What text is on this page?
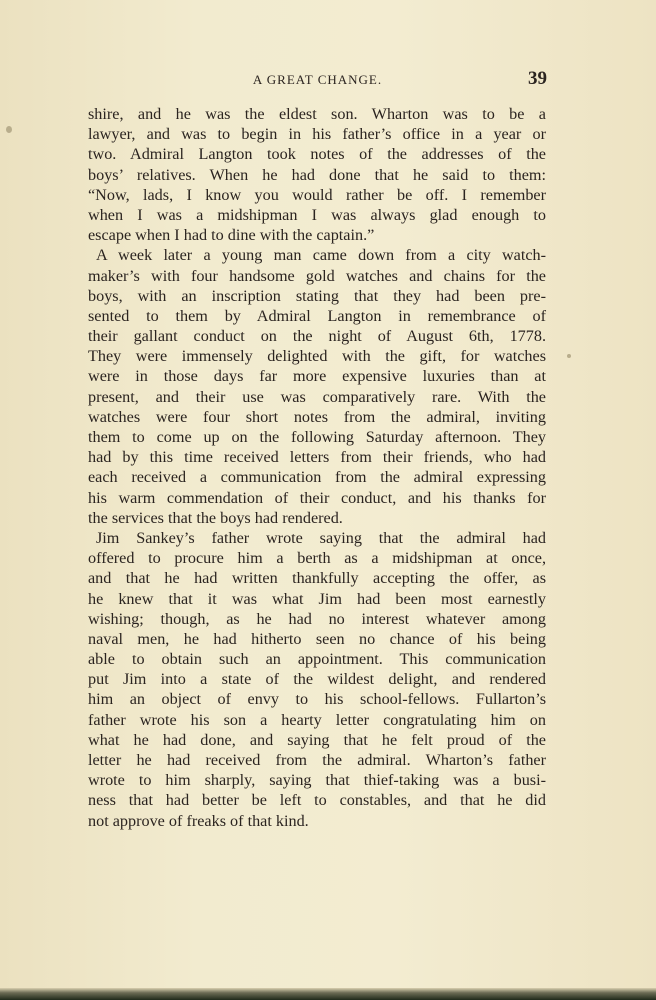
A GREAT CHANGE.	39
shire, and he was the eldest son. Wharton was to be a
lawyer, and was to begin in his father’s office in a year or
two. Admiral Langton took notes of the addresses of the
boys’ relatives. When he had done that he said to them:
“Now, lads, I know you would rather be off. I remember
when I was a midshipman I was always glad enough to
escape when I had to dine with the captain.”
A week later a young man came down from a city watch-
maker’s with four handsome gold watches and chains for the
boys, with an inscription stating that they had been pre-
sented to them by Admiral Langton in remembrance of
their gallant conduct on the night of August 6th, 1778.
They were immensely delighted with the gift, for watches
were in those days far more expensive luxuries than at
present, and their use was comparatively rare. With the
watches were four short notes from the admiral, inviting
them to come up on the following Saturday afternoon. They
had by this time received letters from their friends, who had
each received a communication from the admiral expressing
his warm commendation of their conduct, and his thanks for
the services that the boys had rendered.
Jim Sankey’s father wrote saying that the admiral had
offered to procure him a berth as a midshipman at once,
and that he had written thankfully accepting the offer, as
he knew that it was what Jim had been most earnestly
wishing; though, as he had no interest whatever among
naval men, he had hitherto seen no chance of his being
able to obtain such an appointment. This communication
put Jim into a state of the wildest delight, and rendered
him an object of envy to his school-fellows. Fullarton’s
father wrote his son a hearty letter congratulating him on
what he had done, and saying that he felt proud of the
letter he had received from the admiral. Wharton’s father
wrote to him sharply, saying that thief-taking was a busi-
ness that had better be left to constables, and that he did
not approve of freaks of that kind.
